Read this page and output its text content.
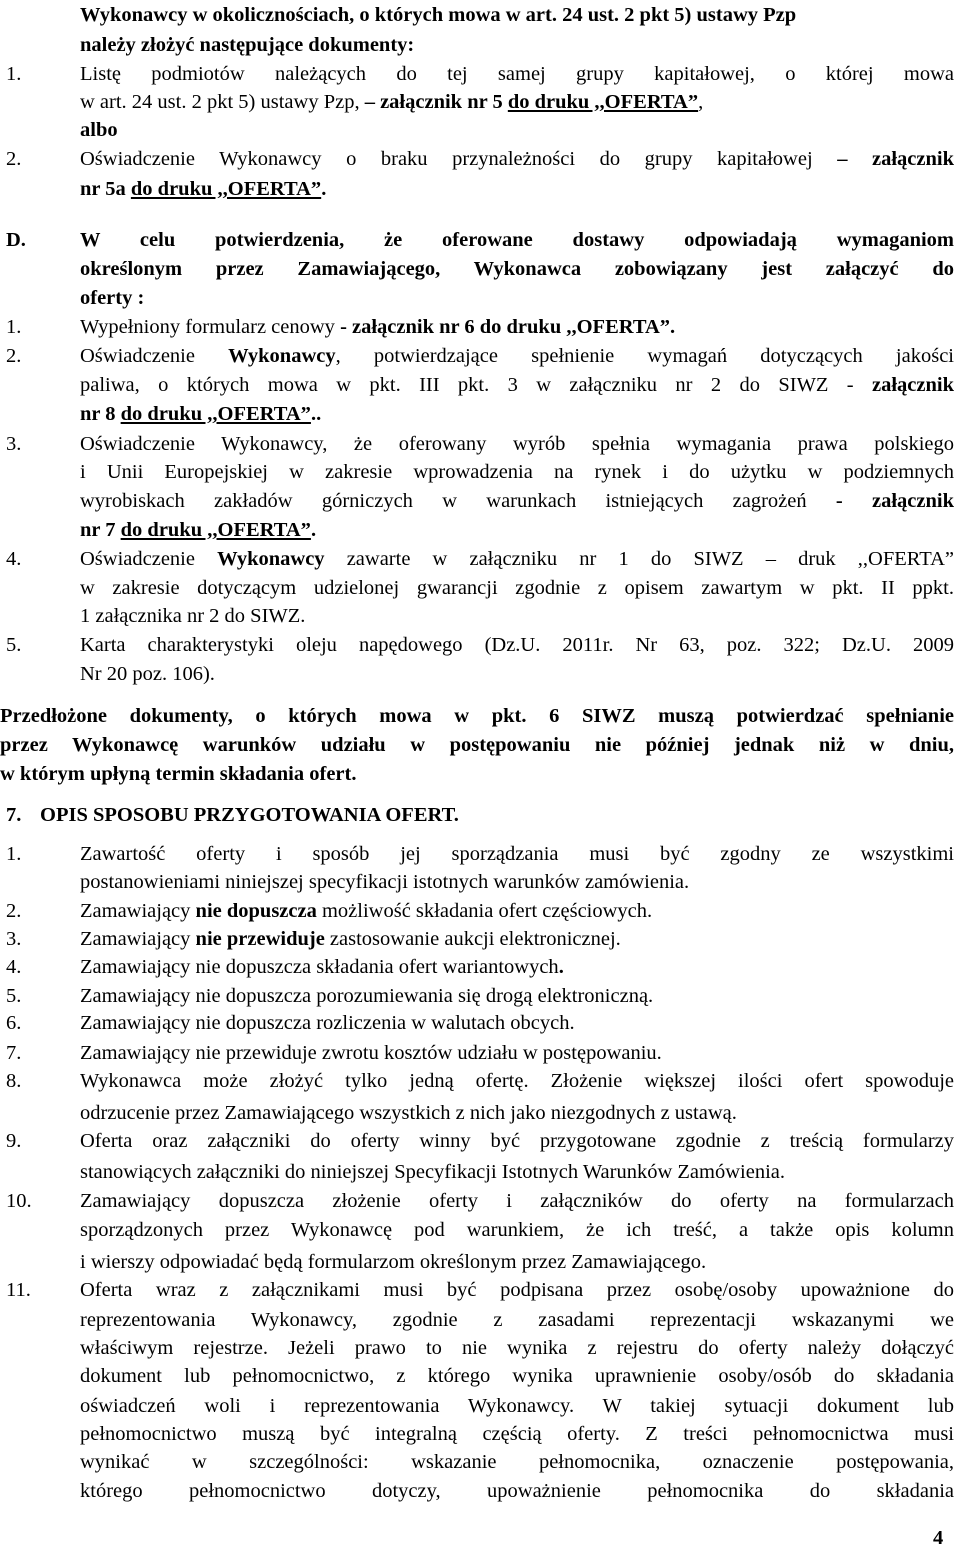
Wykonawcy w okolicznościach, o których mowa w art. 24 ust. 2 pkt 5) ustawy Pzp
należy złożyć następujące dokumenty:
1.	Listę podmiotów należących do tej samej grupy kapitałowej, o której mowa
w art. 24 ust. 2 pkt 5) ustawy Pzp, – załącznik nr 5 do druku ,,OFERTA”,
albo
2.	Oświadczenie Wykonawcy o braku przynależności do grupy kapitałowej – załącznik
nr 5a do druku ,,OFERTA”.
D.	W celu potwierdzenia, że oferowane dostawy odpowiadają wymaganiom
określonym przez Zamawiającego, Wykonawca zobowiązany jest załączyć do
oferty :
1.	Wypełniony formularz cenowy - załącznik nr 6 do druku ,,OFERTA”.
2.	Oświadczenie Wykonawcy, potwierdzające spełnienie wymagań dotyczących jakości
paliwa, o których mowa w pkt. III pkt. 3 w załączniku nr 2 do SIWZ - załącznik
nr 8 do druku ,,OFERTA”..
3.	Oświadczenie Wykonawcy, że oferowany wyrób spełnia wymagania prawa polskiego
i Unii Europejskiej w zakresie wprowadzenia na rynek i do użytku w podziemnych
wyrobiskach zakładów górniczych w warunkach istniejących zagrożeń - załącznik
nr 7 do druku ,,OFERTA”.
4.	Oświadczenie Wykonawcy zawarte w załączniku nr 1 do SIWZ – druk ,,OFERTA”
w zakresie dotyczącym udzielonej gwarancji zgodnie z opisem zawartym w pkt. II ppkt.
1 załącznika nr 2 do SIWZ.
5.	Karta charakterystyki oleju napędowego (Dz.U. 2011r. Nr 63, poz. 322; Dz.U. 2009
Nr 20 poz. 106).
Przedłożone dokumenty, o których mowa w pkt. 6 SIWZ muszą potwierdzać spełnianie
przez Wykonawcę warunków udziału w postępowaniu nie później jednak niż w dniu,
w którym upłyną termin składania ofert.
7. OPIS SPOSOBU PRZYGOTOWANIA OFERT.
1.	Zawartość oferty i sposób jej sporządzania musi być zgodny ze wszystkimi
postanowieniami niniejszej specyfikacji istotnych warunków zamówienia.
2.	Zamawiający nie dopuszcza możliwość składania ofert częściowych.
3.	Zamawiający nie przewiduje zastosowanie aukcji elektronicznej.
4.	Zamawiający nie dopuszcza składania ofert wariantowych.
5.	Zamawiający nie dopuszcza porozumiewania się drogą elektroniczną.
6.	Zamawiający nie dopuszcza rozliczenia w walutach obcych.
7.	Zamawiający nie przewiduje zwrotu kosztów udziału w postępowaniu.
8.	Wykonawca może złożyć tylko jedną ofertę. Złożenie większej ilości ofert spowoduje
odrzucenie przez Zamawiającego wszystkich z nich jako niezgodnych z ustawą.
9.	Oferta oraz załączniki do oferty winny być przygotowane zgodnie z treścią formularzy
stanowiących załączniki do niniejszej Specyfikacji Istotnych Warunków Zamówienia.
10. Zamawiający dopuszcza złożenie oferty i załączników do oferty na formularzach
sporządzonych przez Wykonawcę pod warunkiem, że ich treść, a także opis kolumn
i wierszy odpowiadać będą formularzom określonym przez Zamawiającego.
11. Oferta wraz z załącznikami musi być podpisana przez osobę/osoby upoważnione do
reprezentowania Wykonawcy, zgodnie z zasadami reprezentacji wskazanymi we
właściwym rejestrze. Jeżeli prawo to nie wynika z rejestru do oferty należy dołączyć
dokument lub pełnomocnictwo, z którego wynika uprawnienie osoby/osób do składania
oświadczeń woli i reprezentowania Wykonawcy. W takiej sytuacji dokument lub
pełnomocnictwo muszą być integralną częścią oferty. Z treści pełnomocnictwa musi
wynikać w szczególności: wskazanie pełnomocnika, oznaczenie postępowania,
którego pełnomocnictwo dotyczy, upoważnienie pełnomocnika do składania
4
